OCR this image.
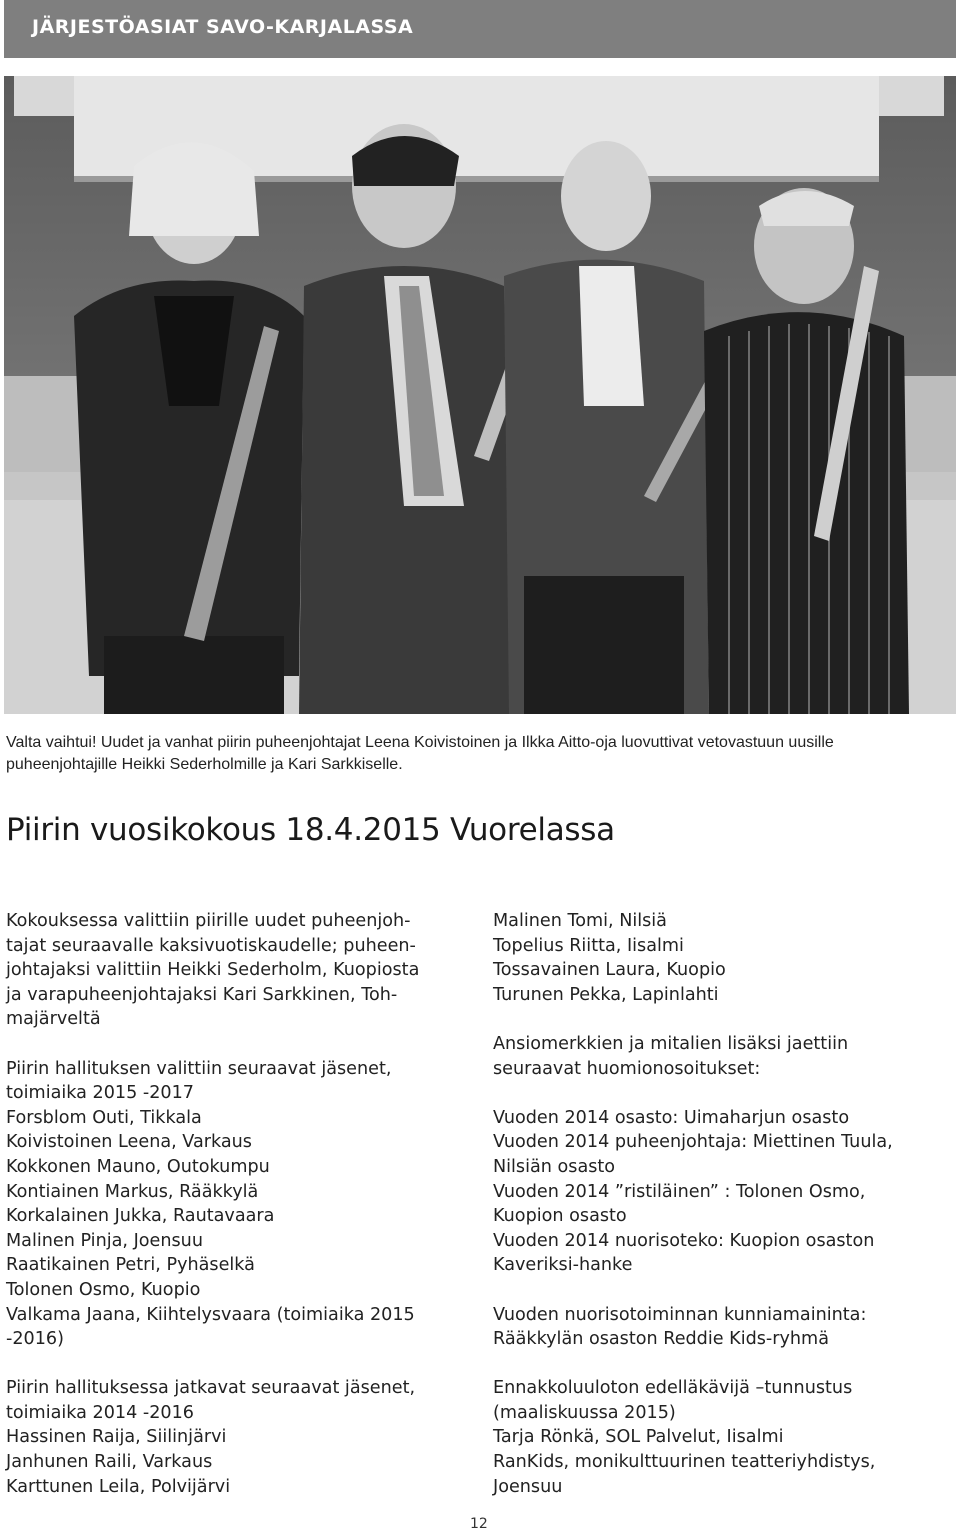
JÄRJESTÖASIAT SAVO-KARJALASSA
Valta vaihtui! Uudet ja vanhat piirin puheenjohtajat Leena Koivistoinen ja Ilkka Aitto-oja luovuttivat vetovastuun uusille
puheenjohtajille Heikki Sederholmille ja Kari Sarkkiselle.
Piirin vuosikokous 18.4.2015 Vuorelassa
Kokouksessa valittiin piirille uudet puheenjoh-
tajat seuraavalle kaksivuotiskaudelle; puheen-
johtajaksi valittiin Heikki Sederholm, Kuopiosta
ja varapuheenjohtajaksi Kari Sarkkinen, Toh-
majärveltä
Piirin hallituksen valittiin seuraavat jäsenet,
toimiaika 2015 -2017
Forsblom Outi, Tikkala
Koivistoinen Leena, Varkaus
Kokkonen Mauno, Outokumpu
Kontiainen Markus, Rääkkylä
Korkalainen Jukka, Rautavaara
Malinen Pinja, Joensuu
Raatikainen Petri, Pyhäselkä
Tolonen Osmo, Kuopio
Valkama Jaana, Kiihtelysvaara (toimiaika 2015
-2016)
Piirin hallituksessa jatkavat seuraavat jäsenet,
toimiaika 2014 -2016
Hassinen Raija, Siilinjärvi
Janhunen Raili, Varkaus
Karttunen Leila, Polvijärvi
Malinen Tomi, Nilsiä
Topelius Riitta, Iisalmi
Tossavainen Laura, Kuopio
Turunen Pekka, Lapinlahti
Ansiomerkkien ja mitalien lisäksi jaettiin
seuraavat huomionosoitukset:
Vuoden 2014 osasto: Uimaharjun osasto
Vuoden 2014 puheenjohtaja: Miettinen Tuula,
Nilsiän osasto
Vuoden 2014 ”ristiläinen” : Tolonen Osmo,
Kuopion osasto
Vuoden 2014 nuorisoteko: Kuopion osaston
Kaveriksi-hanke
Vuoden nuorisotoiminnan kunniamaininta:
Rääkkylän osaston Reddie Kids-ryhmä
Ennakkoluuloton edelläkävijä –tunnustus
(maaliskuussa 2015)
Tarja Rönkä, SOL Palvelut, Iisalmi
RanKids, monikulttuurinen teatteriyhdistys,
Joensuu
12
